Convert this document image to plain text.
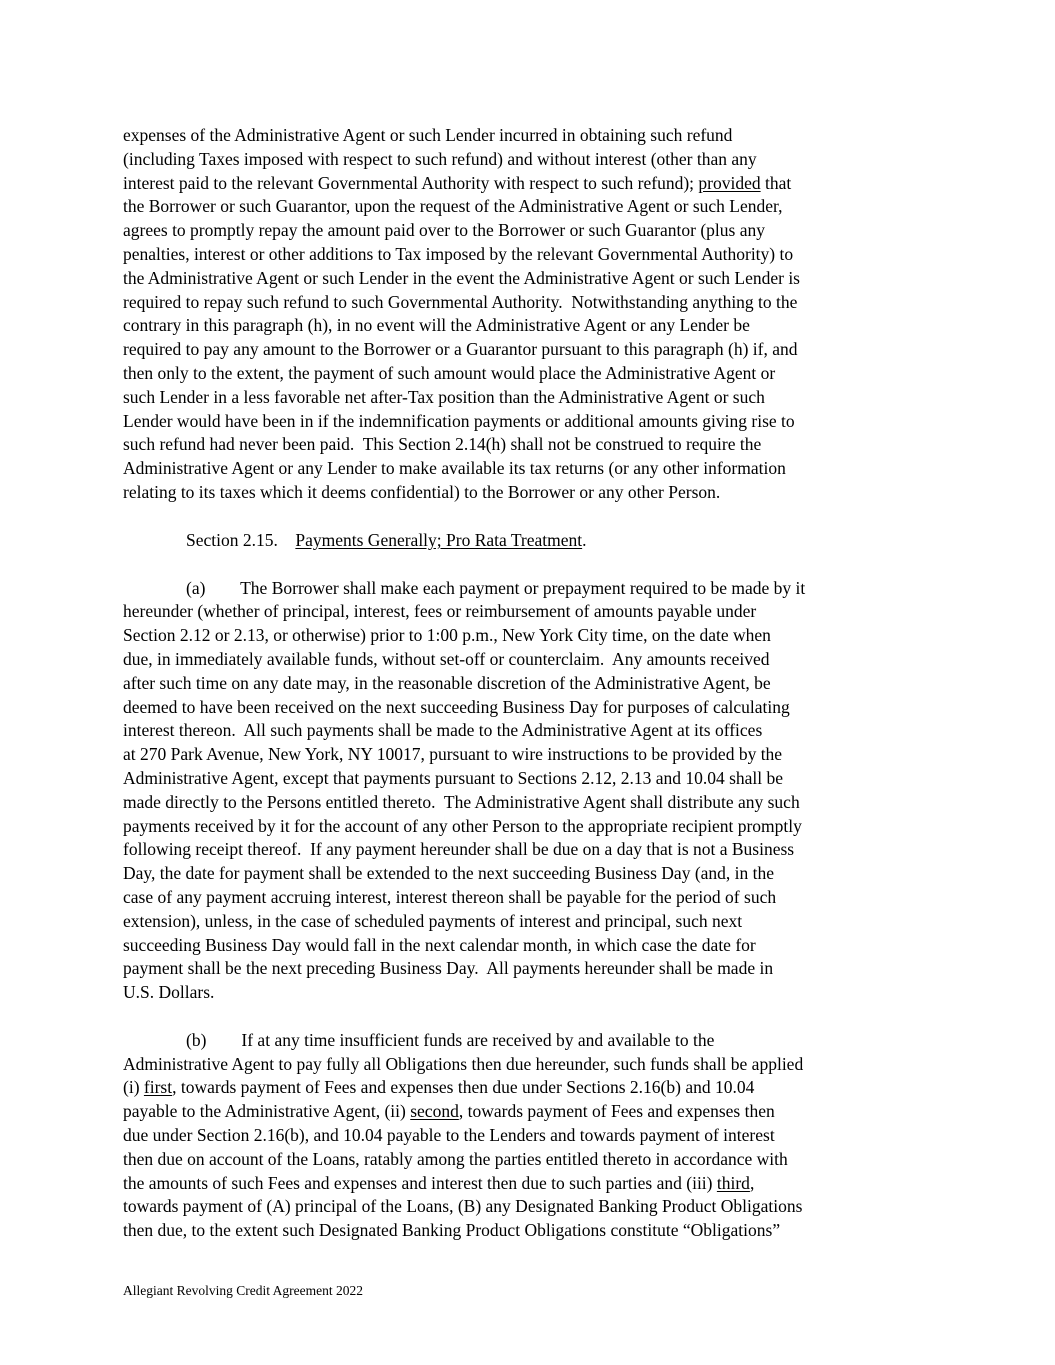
expenses of the Administrative Agent or such Lender incurred in obtaining such refund
(including Taxes imposed with respect to such refund) and without interest (other than any
interest paid to the relevant Governmental Authority with respect to such refund); provided that
the Borrower or such Guarantor, upon the request of the Administrative Agent or such Lender,
agrees to promptly repay the amount paid over to the Borrower or such Guarantor (plus any
penalties, interest or other additions to Tax imposed by the relevant Governmental Authority) to
the Administrative Agent or such Lender in the event the Administrative Agent or such Lender is
required to repay such refund to such Governmental Authority.  Notwithstanding anything to the
contrary in this paragraph (h), in no event will the Administrative Agent or any Lender be
required to pay any amount to the Borrower or a Guarantor pursuant to this paragraph (h) if, and
then only to the extent, the payment of such amount would place the Administrative Agent or
such Lender in a less favorable net after-Tax position than the Administrative Agent or such
Lender would have been in if the indemnification payments or additional amounts giving rise to
such refund had never been paid.  This Section 2.14(h) shall not be construed to require the
Administrative Agent or any Lender to make available its tax returns (or any other information
relating to its taxes which it deems confidential) to the Borrower or any other Person.
Section 2.15.    Payments Generally; Pro Rata Treatment.
(a)        The Borrower shall make each payment or prepayment required to be made by it
hereunder (whether of principal, interest, fees or reimbursement of amounts payable under
Section 2.12 or 2.13, or otherwise) prior to 1:00 p.m., New York City time, on the date when
due, in immediately available funds, without set-off or counterclaim.  Any amounts received
after such time on any date may, in the reasonable discretion of the Administrative Agent, be
deemed to have been received on the next succeeding Business Day for purposes of calculating
interest thereon.  All such payments shall be made to the Administrative Agent at its offices
at 270 Park Avenue, New York, NY 10017, pursuant to wire instructions to be provided by the
Administrative Agent, except that payments pursuant to Sections 2.12, 2.13 and 10.04 shall be
made directly to the Persons entitled thereto.  The Administrative Agent shall distribute any such
payments received by it for the account of any other Person to the appropriate recipient promptly
following receipt thereof.  If any payment hereunder shall be due on a day that is not a Business
Day, the date for payment shall be extended to the next succeeding Business Day (and, in the
case of any payment accruing interest, interest thereon shall be payable for the period of such
extension), unless, in the case of scheduled payments of interest and principal, such next
succeeding Business Day would fall in the next calendar month, in which case the date for
payment shall be the next preceding Business Day.  All payments hereunder shall be made in
U.S. Dollars.
(b)        If at any time insufficient funds are received by and available to the
Administrative Agent to pay fully all Obligations then due hereunder, such funds shall be applied
(i) first, towards payment of Fees and expenses then due under Sections 2.16(b) and 10.04
payable to the Administrative Agent, (ii) second, towards payment of Fees and expenses then
due under Section 2.16(b), and 10.04 payable to the Lenders and towards payment of interest
then due on account of the Loans, ratably among the parties entitled thereto in accordance with
the amounts of such Fees and expenses and interest then due to such parties and (iii) third,
towards payment of (A) principal of the Loans, (B) any Designated Banking Product Obligations
then due, to the extent such Designated Banking Product Obligations constitute “Obligations”
Allegiant Revolving Credit Agreement 2022
